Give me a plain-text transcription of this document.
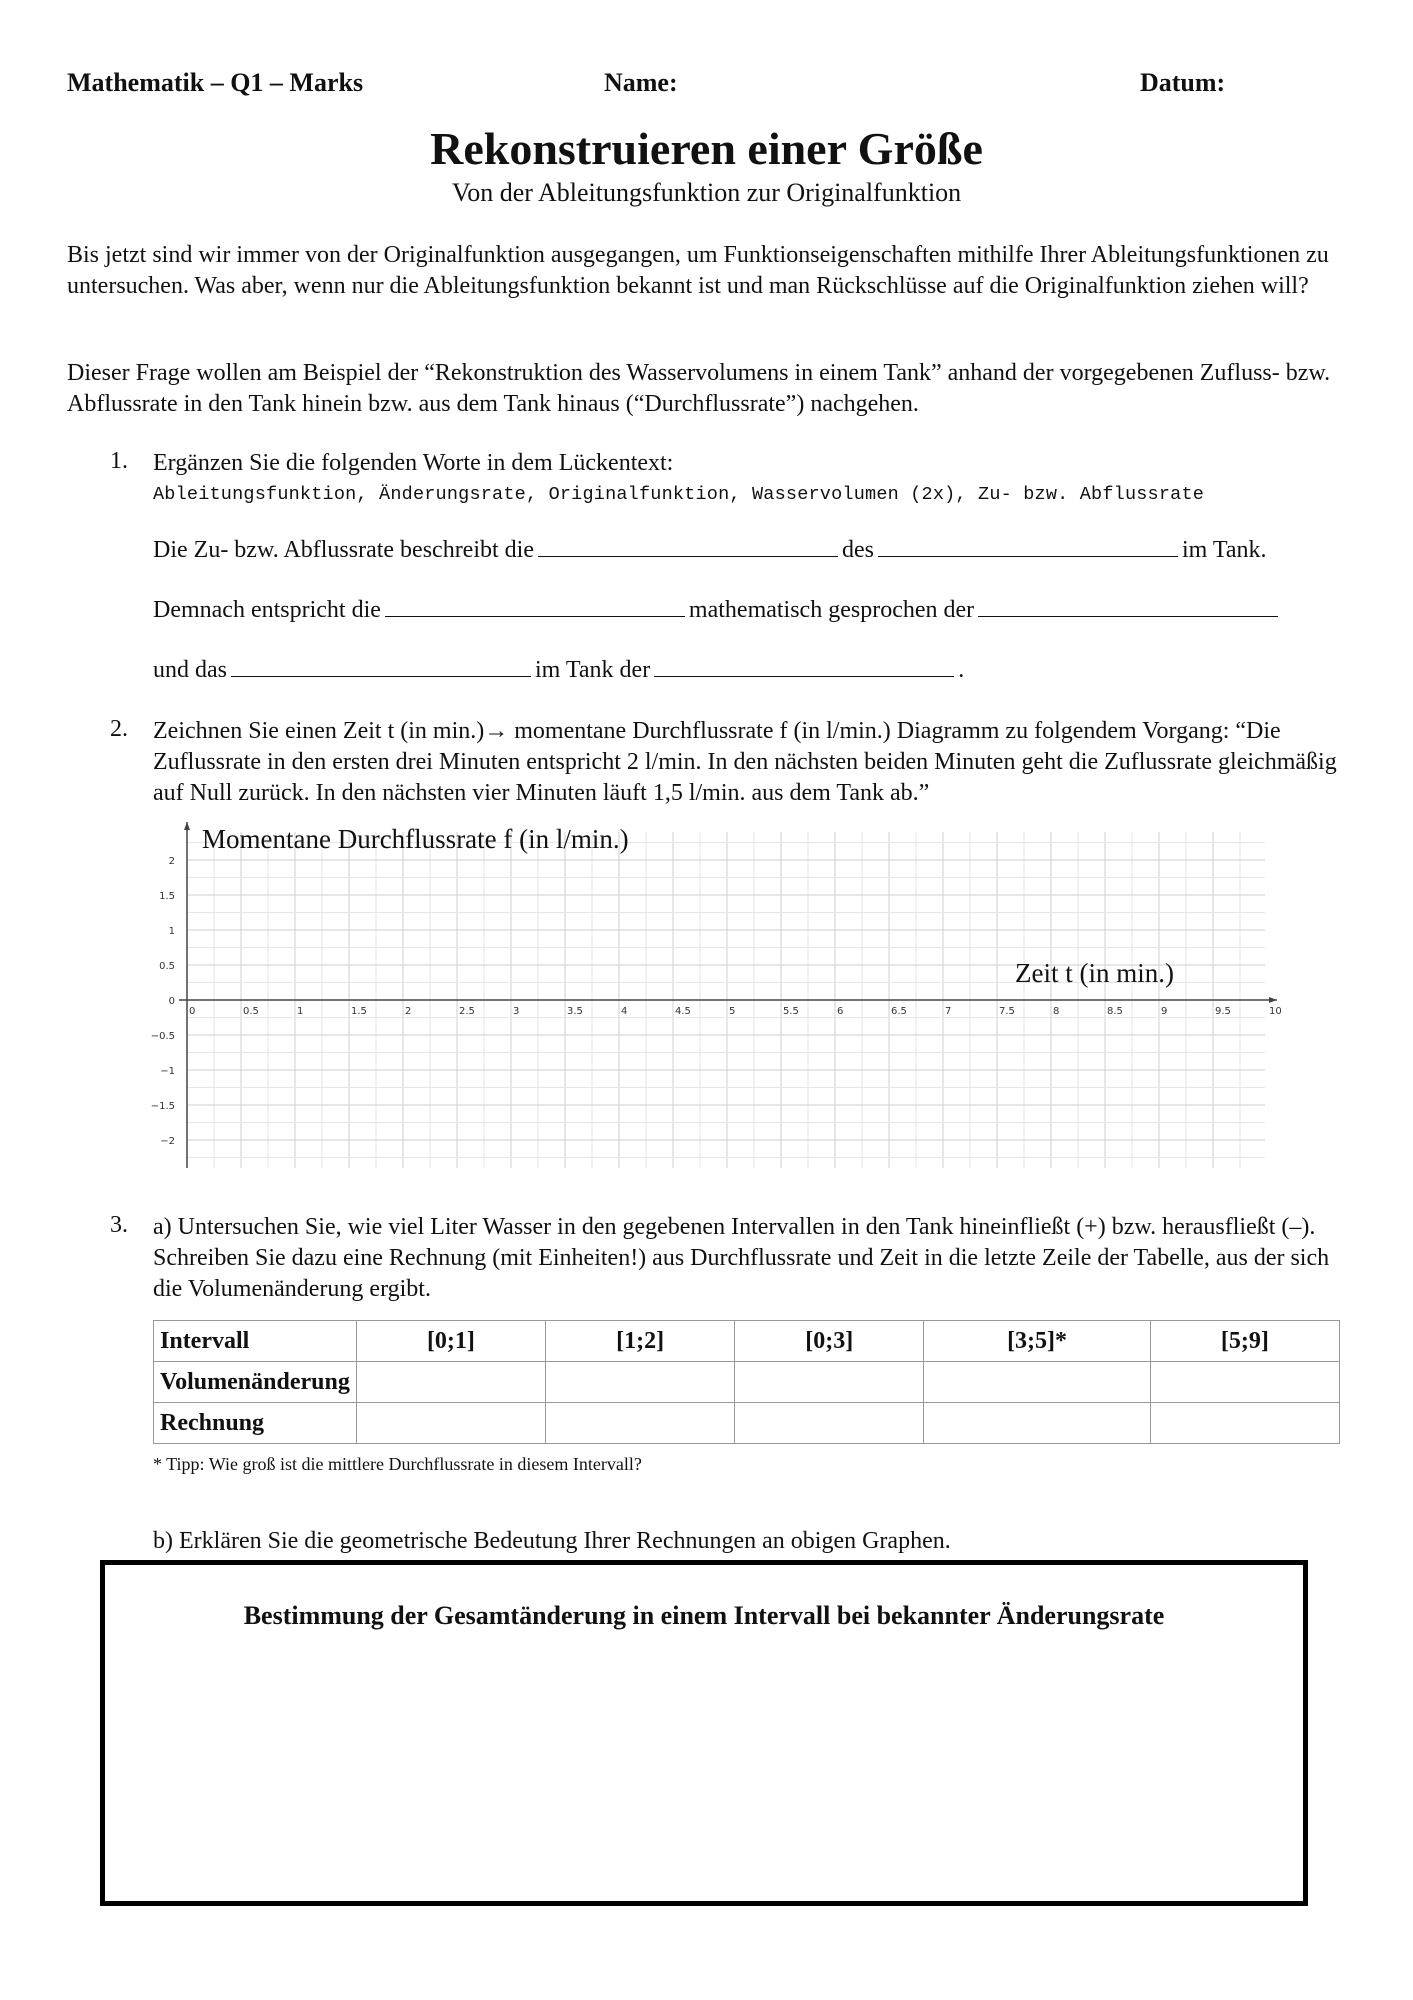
Mathematik – Q1 – Marks	Name:	Datum:
Rekonstruieren einer Größe
Von der Ableitungsfunktion zur Originalfunktion
Bis jetzt sind wir immer von der Originalfunktion ausgegangen, um Funktionseigenschaften mithilfe Ihrer Ableitungsfunktionen zu untersuchen. Was aber, wenn nur die Ableitungsfunktion bekannt ist und man Rückschlüsse auf die Originalfunktion ziehen will?
Dieser Frage wollen am Beispiel der “Rekonstruktion des Wasservolumens in einem Tank” anhand der vorgegebenen Zufluss- bzw. Abflussrate in den Tank hinein bzw. aus dem Tank hinaus (“Durchflussrate”) nachgehen.
1. Ergänzen Sie die folgenden Worte in dem Lückentext:
Ableitungsfunktion, Änderungsrate, Originalfunktion, Wasservolumen (2x), Zu- bzw. Abflussrate
Die Zu- bzw. Abflussrate beschreibt die	des	im Tank.
Demnach entspricht die	mathematisch gesprochen der
und das	im Tank der	.
2. Zeichnen Sie einen Zeit t (in min.)→ momentane Durchflussrate f (in l/min.) Diagramm zu folgendem Vorgang: “Die Zuflussrate in den ersten drei Minuten entspricht 2 l/min. In den nächsten beiden Minuten geht die Zuflussrate gleichmäßig auf Null zurück. In den nächsten vier Minuten läuft 1,5 l/min. aus dem Tank ab.”
0	0.5	1	1.5	2	2.5	3	3.5	4	4.5	5	5.5	6	6.5	7	7.5	8	8.5	9	9.5	10
2
1.5
1
0.5
0
−0.5
−1
−1.5
−2
Momentane Durchflussrate f (in l/min.)
Zeit t (in min.)
3. a) Untersuchen Sie, wie viel Liter Wasser in den gegebenen Intervallen in den Tank hineinfließt (+) bzw. herausfließt (–). Schreiben Sie dazu eine Rechnung (mit Einheiten!) aus Durchflussrate und Zeit in die letzte Zeile der Tabelle, aus der sich die Volumenänderung ergibt.
Intervall	[0;1]	[1;2]	[0;3]	[3;5]*	[5;9]
Volumenänderung					
Rechnung					
* Tipp: Wie groß ist die mittlere Durchflussrate in diesem Intervall?
b) Erklären Sie die geometrische Bedeutung Ihrer Rechnungen an obigen Graphen.
Bestimmung der Gesamtänderung in einem Intervall bei bekannter Änderungsrate
